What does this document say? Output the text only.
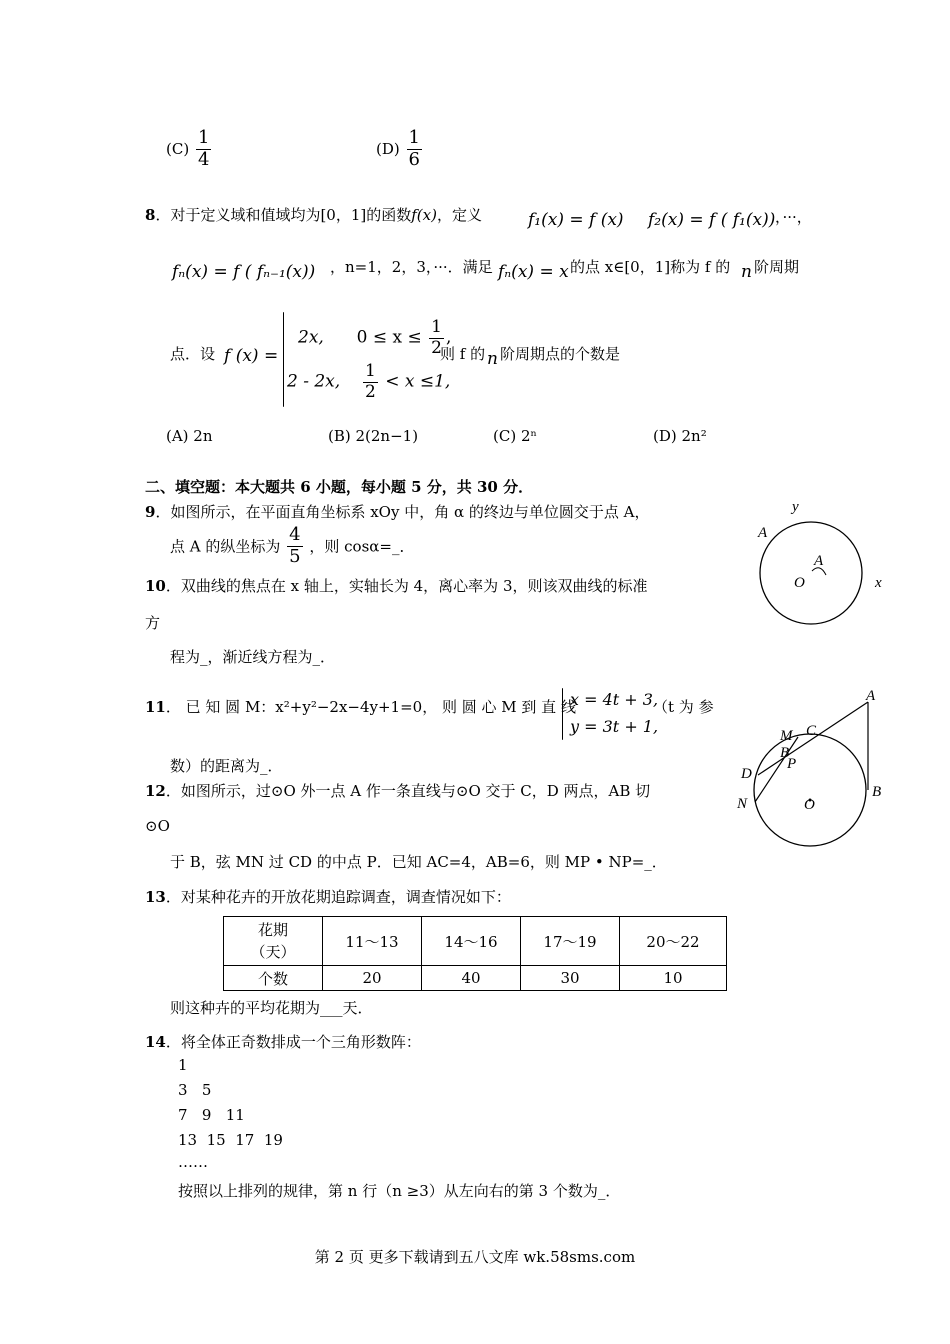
$(C) \frac{1}{4}$	$(D) \frac{1}{6}$
8．对于定义域和值域均为[0，1]的函数f(x)，定义	f₁(x) = f (x) f₂(x) = f ( f₁(x)) ，···，
fₙ(x) = f ( fₙ₋₁(x)) ，n=1，2，3，···．满足 fₙ(x) = x 的点 x∈[0，1]称为 f 的 n 阶周期
点．设 f (x) =
2x, $0 \le x \le \frac{1}{2}$ ,
2 - 2x, $\frac{1}{2} < x \le 1$,
则 f 的 n 阶周期点的个数是
(A) 2n	(B) 2(2n−1)	(C) 2ⁿ	(D) 2n²
二、填空题：本大题共 6 小题，每小题 5 分，共 30 分．
9．如图所示，在平面直角坐标系 xOy 中，角 α 的终边与单位圆交于点 A，
点 A 的纵坐标为 $\frac{4}{5}$ ，则 cosα=_．
y
A
A
O	x
10．双曲线的焦点在 x 轴上，实轴长为 4，离心率为 3，则该双曲线的标准
方
程为_，渐近线方程为_．
11． 已 知 圆 M：x²+y²−2x−4y+1=0， 则 圆 心 M 到 直 线
x = 4t + 3,
y = 3t + 1,
（t 为 参
数）的距离为_．
A
C
M
B
P
D
N	O
B
12．如图所示，过⊙O 外一点 A 作一条直线与⊙O 交于 C，D 两点，AB 切
⊙O
于 B，弦 MN 过 CD 的中点 P．已知 AC=4，AB=6，则 MP • NP=_．
13．对某种花卉的开放花期追踪调查，调查情况如下：
花期
（天）	11～13	14～16	17～19	20～22
个数	20	40	30	10
则这种卉的平均花期为___天．
14．将全体正奇数排成一个三角形数阵：
1
3   5
7   9   11
13  15  17  19
……
按照以上排列的规律，第 n 行（n ≥3）从左向右的第 3 个数为_．
第 2 页 更多下载请到五八文库 wk.58sms.com
